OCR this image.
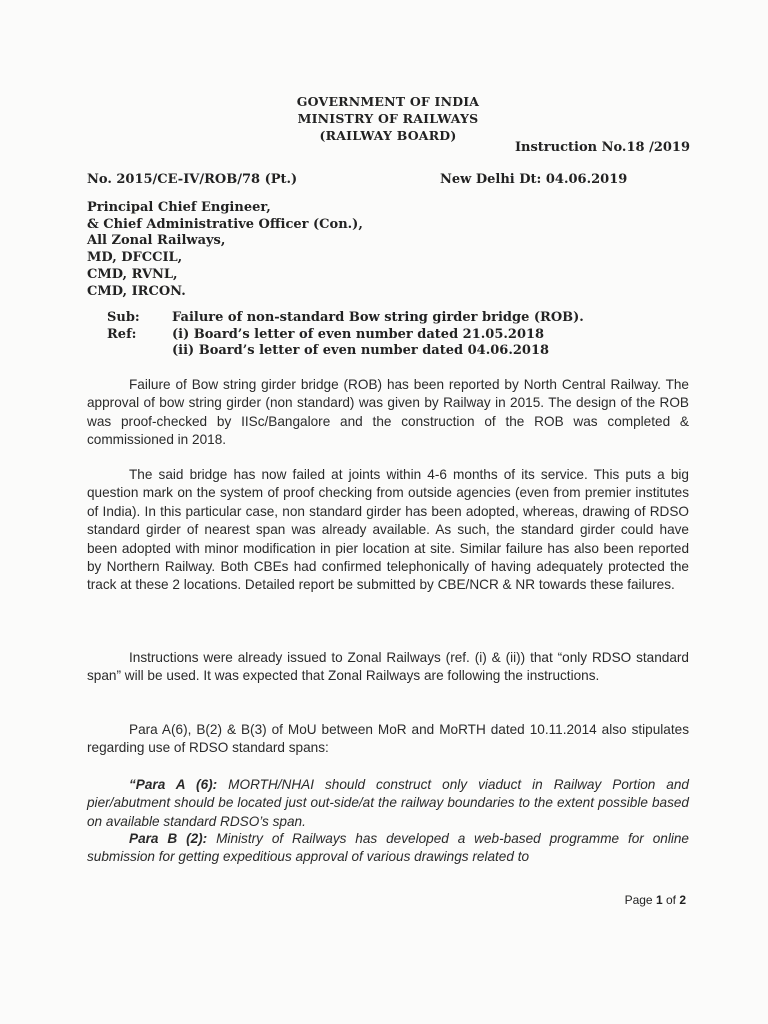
GOVERNMENT OF INDIA
MINISTRY OF RAILWAYS
(RAILWAY BOARD)
Instruction No.18 /2019
No. 2015/CE-IV/ROB/78 (Pt.)	New Delhi Dt: 04.06.2019
Principal Chief Engineer,
& Chief Administrative Officer (Con.),
All Zonal Railways,
MD, DFCCIL,
CMD, RVNL,
CMD, IRCON.
Sub:	Failure of non-standard Bow string girder bridge (ROB).
Ref:	(i) Board’s letter of even number dated 21.05.2018
(ii) Board’s letter of even number dated 04.06.2018
Failure of Bow string girder bridge (ROB) has been reported by North Central Railway. The approval of bow string girder (non standard) was given by Railway in 2015. The design of the ROB was proof-checked by IISc/Bangalore and the construction of the ROB was completed & commissioned in 2018.
The said bridge has now failed at joints within 4-6 months of its service. This puts a big question mark on the system of proof checking from outside agencies (even from premier institutes of India). In this particular case, non standard girder has been adopted, whereas, drawing of RDSO standard girder of nearest span was already available. As such, the standard girder could have been adopted with minor modification in pier location at site. Similar failure has also been reported by Northern Railway. Both CBEs had confirmed telephonically of having adequately protected the track at these 2 locations. Detailed report be submitted by CBE/NCR & NR towards these failures.
Instructions were already issued to Zonal Railways (ref. (i) & (ii)) that “only RDSO standard span” will be used. It was expected that Zonal Railways are following the instructions.
Para A(6), B(2) & B(3) of MoU between MoR and MoRTH dated 10.11.2014 also stipulates regarding use of RDSO standard spans:
“Para A (6): MORTH/NHAI should construct only viaduct in Railway Portion and pier/abutment should be located just out-side/at the railway boundaries to the extent possible based on available standard RDSO’s span.
Para B (2): Ministry of Railways has developed a web-based programme for online submission for getting expeditious approval of various drawings related to
Page 1 of 2
